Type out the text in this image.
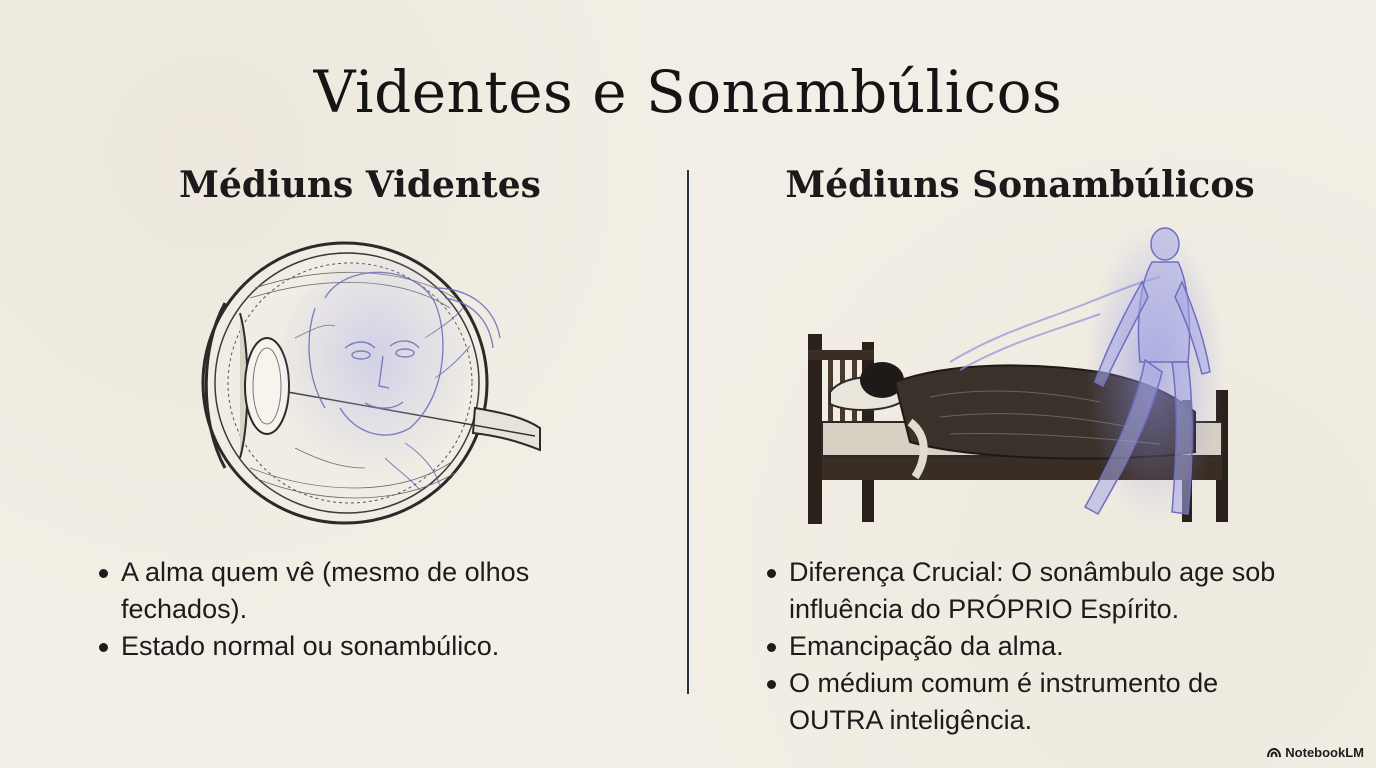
Videntes e Sonambúlicos
Médiuns Videntes	Médiuns Sonambúlicos
A alma quem vê (mesmo de olhos fechados).
Estado normal ou sonambúlico.
Diferença Crucial: O sonâmbulo age sob influência do PRÓPRIO Espírito.
Emancipação da alma.
O médium comum é instrumento de OUTRA inteligência.
NotebookLM
